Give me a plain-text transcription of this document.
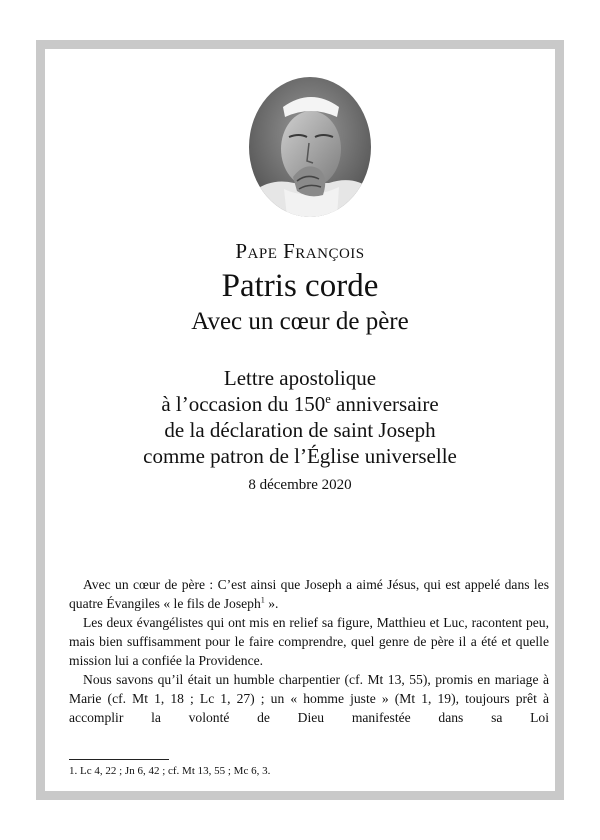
Pape François
Patris corde
Avec un cœur de père
Lettre apostolique
à l’occasion du 150e anniversaire
de la déclaration de saint Joseph
comme patron de l’Église universelle
8 décembre 2020

Avec un cœur de père : C’est ainsi que Joseph a aimé Jésus, qui est appelé dans les quatre Évangiles « le fils de Joseph$^1$ ».

Les deux évangélistes qui ont mis en relief sa figure, Matthieu et Luc, racontent peu, mais bien suffisamment pour le faire comprendre, quel genre de père il a été et quelle mission lui a confiée la Providence.

Nous savons qu’il était un humble charpentier (cf. Mt 13, 55), promis en mariage à Marie (cf. Mt 1, 18 ; Lc 1, 27) ; un « homme juste » (Mt 1, 19), toujours prêt à accomplir la volonté de Dieu manifestée dans sa Loi

1. Lc 4, 22 ; Jn 6, 42 ; cf. Mt 13, 55 ; Mc 6, 3.
